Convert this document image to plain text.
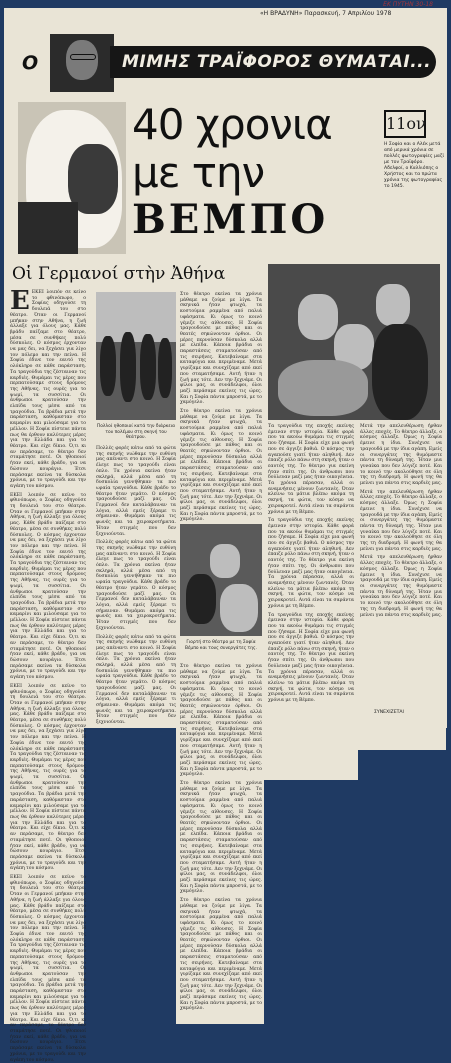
ΕΚ ΠΥΤΗΝ 30-18
«Η ΒΡΑΔΥΝΗ» Παρασκευή, 7 Απριλίου 1978
Ο	ΜΙΜΗΣ ΤΡΑΪΦΟΡΟΣ ΘΥΜΑΤΑΙ...
40 χρονια
με την
ΒΕΜΠΟ
11ον
Η Σοφία και ο Αλέκ μετά από μερικά χρόνια σε πολλές φωτογραφίες μαζί με τον Τραϊφόρο. Αδελφοί, ο Καλλιόπης ο Χρήστος και τα πρώτα χρόνια της φωτογραφίας το 1945.
Οἱ Γερμανοί στὴν Ἀθήνα

ΕΕΚΕΙ λοιπόν σε κείνο το φθινόπωρο, ο Σοφίας οδηγούσε τη δουλειά του στο θέατρο. Όταν οι Γερμανοί μπήκαν στην Αθήνα, η ζωή άλλαξε για όλους μας. Κάθε βράδυ παίζαμε στο θέατρο, μέσα σε συνθήκες πολύ δύσκολες. Ο κόσμος έρχονταν να μας δει, να ξεχάσει για λίγο τον πόλεμο και την πείνα. Η Σοφία έδινε τον εαυτό της ολόκληρο σε κάθε παράσταση. Τα τραγούδια της ζέσταιναν τις καρδιές. Θυμάμαι τις μέρες που περπατούσαμε στους δρόμους της Αθήνας, τις ουρές για το ψωμί, τα συσσίτια. Οι άνθρωποι κρατούσαν την ελπίδα τους μέσα από τα τραγούδια. Τα βράδια μετά την παράσταση, καθόμασταν στο καμαρίνι και μιλούσαμε για το μέλλον. Η Σοφία πίστευε πάντα πως θα έρθουν καλύτερες μέρες για την Ελλάδα και για το θέατρο. Και είχε δίκιο. Ό,τι κι αν περάσαμε, το θέατρο δεν σταμάτησε ποτέ. Οι ηθοποιοί ήταν εκεί, κάθε βράδυ, για να δώσουν κουράγιο. Έτσι περάσαμε εκείνα τα δύσκολα χρόνια, με το τραγούδι και την αγάπη του κόσμου.

ΕΚΕΙ λοιπόν σε κείνο το φθινόπωρο, ο Σοφίας οδηγούσε τη δουλειά του στο θέατρο. Όταν οι Γερμανοί μπήκαν στην Αθήνα, η ζωή άλλαξε για όλους μας. Κάθε βράδυ παίζαμε στο θέατρο, μέσα σε συνθήκες πολύ δύσκολες. Ο κόσμος έρχονταν να μας δει, να ξεχάσει για λίγο τον πόλεμο και την πείνα. Η Σοφία έδινε τον εαυτό της ολόκληρο σε κάθε παράσταση. Τα τραγούδια της ζέσταιναν τις καρδιές. Θυμάμαι τις μέρες που περπατούσαμε στους δρόμους της Αθήνας, τις ουρές για το ψωμί, τα συσσίτια. Οι άνθρωποι κρατούσαν την ελπίδα τους μέσα από τα τραγούδια. Τα βράδια μετά την παράσταση, καθόμασταν στο καμαρίνι και μιλούσαμε για το μέλλον. Η Σοφία πίστευε πάντα πως θα έρθουν καλύτερες μέρες για την Ελλάδα και για το θέατρο. Και είχε δίκιο. Ό,τι κι αν περάσαμε, το θέατρο δεν σταμάτησε ποτέ. Οι ηθοποιοί ήταν εκεί, κάθε βράδυ, για να δώσουν κουράγιο. Έτσι περάσαμε εκείνα τα δύσκολα χρόνια, με το τραγούδι και την αγάπη του κόσμου.

ΕΚΕΙ λοιπόν σε κείνο το φθινόπωρο, ο Σοφίας οδηγούσε τη δουλειά του στο θέατρο. Όταν οι Γερμανοί μπήκαν στην Αθήνα, η ζωή άλλαξε για όλους μας. Κάθε βράδυ παίζαμε στο θέατρο, μέσα σε συνθήκες πολύ δύσκολες. Ο κόσμος έρχονταν να μας δει, να ξεχάσει για λίγο τον πόλεμο και την πείνα. Η Σοφία έδινε τον εαυτό της ολόκληρο σε κάθε παράσταση. Τα τραγούδια της ζέσταιναν τις καρδιές. Θυμάμαι τις μέρες που περπατούσαμε στους δρόμους της Αθήνας, τις ουρές για το ψωμί, τα συσσίτια. Οι άνθρωποι κρατούσαν την ελπίδα τους μέσα από τα τραγούδια. Τα βράδια μετά την παράσταση, καθόμασταν στο καμαρίνι και μιλούσαμε για το μέλλον. Η Σοφία πίστευε πάντα πως θα έρθουν καλύτερες μέρες για την Ελλάδα και για το θέατρο. Και είχε δίκιο. Ό,τι κι αν περάσαμε, το θέατρο δεν σταμάτησε ποτέ. Οι ηθοποιοί ήταν εκεί, κάθε βράδυ, για να δώσουν κουράγιο. Έτσι περάσαμε εκείνα τα δύσκολα χρόνια, με το τραγούδι και την αγάπη του κόσμου.

ΕΚΕΙ λοιπόν σε κείνο το φθινόπωρο, ο Σοφίας οδηγούσε τη δουλειά του στο θέατρο. Όταν οι Γερμανοί μπήκαν στην Αθήνα, η ζωή άλλαξε για όλους μας. Κάθε βράδυ παίζαμε στο θέατρο, μέσα σε συνθήκες πολύ δύσκολες. Ο κόσμος έρχονταν να μας δει, να ξεχάσει για λίγο τον πόλεμο και την πείνα. Η Σοφία έδινε τον εαυτό της ολόκληρο σε κάθε παράσταση. Τα τραγούδια της ζέσταιναν τις καρδιές. Θυμάμαι τις μέρες που περπατούσαμε στους δρόμους της Αθήνας, τις ουρές για το ψωμί, τα συσσίτια. Οι άνθρωποι κρατούσαν την ελπίδα τους μέσα από τα τραγούδια. Τα βράδια μετά την παράσταση, καθόμασταν στο καμαρίνι και μιλούσαμε για το μέλλον. Η Σοφία πίστευε πάντα πως θα έρθουν καλύτερες μέρες για την Ελλάδα και για το θέατρο. Και είχε δίκιο. Ό,τι κι αν περάσαμε, το θέατρο δεν σταμάτησε ποτέ. Οι ηθοποιοί ήταν εκεί, κάθε βράδυ, για να δώσουν κουράγιο. Έτσι περάσαμε εκείνα τα δύσκολα χρόνια, με το τραγούδι και την αγάπη του κόσμου.

Πολλοί ηθοποιοί κατά την διάρκεια του πολέμου στη σκηνή του θεάτρου.

Πολλές φορές κάτω από τα φώτα της σκηνής νιώθαμε την ευθύνη μας απέναντι στο κοινό. Η Σοφία έλεγε πως το τραγούδι είναι όπλο. Τα χρόνια εκείνα ήταν σκληρά, αλλά μέσα από τη δυσκολία γεννήθηκαν τα πιο ωραία τραγούδια. Κάθε βράδυ το θέατρο ήταν γεμάτο. Ο κόσμος τραγουδούσε μαζί μας. Οι Γερμανοί δεν καταλάβαιναν τα λόγια, αλλά εμείς ξέραμε τι σήμαιναν. Θυμάμαι ακόμα τις φωνές και τα χειροκροτήματα. Ήταν στιγμές που δεν ξεχνιούνται.

Πολλές φορές κάτω από τα φώτα της σκηνής νιώθαμε την ευθύνη μας απέναντι στο κοινό. Η Σοφία έλεγε πως το τραγούδι είναι όπλο. Τα χρόνια εκείνα ήταν σκληρά, αλλά μέσα από τη δυσκολία γεννήθηκαν τα πιο ωραία τραγούδια. Κάθε βράδυ το θέατρο ήταν γεμάτο. Ο κόσμος τραγουδούσε μαζί μας. Οι Γερμανοί δεν καταλάβαιναν τα λόγια, αλλά εμείς ξέραμε τι σήμαιναν. Θυμάμαι ακόμα τις φωνές και τα χειροκροτήματα. Ήταν στιγμές που δεν ξεχνιούνται.

Πολλές φορές κάτω από τα φώτα της σκηνής νιώθαμε την ευθύνη μας απέναντι στο κοινό. Η Σοφία έλεγε πως το τραγούδι είναι όπλο. Τα χρόνια εκείνα ήταν σκληρά, αλλά μέσα από τη δυσκολία γεννήθηκαν τα πιο ωραία τραγούδια. Κάθε βράδυ το θέατρο ήταν γεμάτο. Ο κόσμος τραγουδούσε μαζί μας. Οι Γερμανοί δεν καταλάβαιναν τα λόγια, αλλά εμείς ξέραμε τι σήμαιναν. Θυμάμαι ακόμα τις φωνές και τα χειροκροτήματα. Ήταν στιγμές που δεν ξεχνιούνται.

Στο θέατρο εκείνα τα χρόνια μάθαμε να ζούμε με λίγα. Τα σκηνικά ήταν φτωχά, τα κοστούμια ραμμένα από παλιά υφάσματα. Κι όμως το κοινό γέμιζε τις αίθουσες. Η Σοφία τραγουδούσε με πάθος και οι θεατές σηκώνονταν όρθιοι. Οι μέρες περνούσαν δύσκολα αλλά με ελπίδα. Κάποια βράδια οι παραστάσεις σταματούσαν από τις σειρήνες. Κατεβαίναμε στα καταφύγια και περιμέναμε. Μετά γυρίζαμε και συνεχίζαμε από εκεί που σταματήσαμε. Αυτή ήταν η ζωή μας τότε. Δεν την ξεχνάμε. Οι φίλοι μας, οι συνάδελφοι, όλοι μαζί περάσαμε εκείνες τις ώρες. Και η Σοφία πάντα μπροστά, με το χαμόγελο.

Στο θέατρο εκείνα τα χρόνια μάθαμε να ζούμε με λίγα. Τα σκηνικά ήταν φτωχά, τα κοστούμια ραμμένα από παλιά υφάσματα. Κι όμως το κοινό γέμιζε τις αίθουσες. Η Σοφία τραγουδούσε με πάθος και οι θεατές σηκώνονταν όρθιοι. Οι μέρες περνούσαν δύσκολα αλλά με ελπίδα. Κάποια βράδια οι παραστάσεις σταματούσαν από τις σειρήνες. Κατεβαίναμε στα καταφύγια και περιμέναμε. Μετά γυρίζαμε και συνεχίζαμε από εκεί που σταματήσαμε. Αυτή ήταν η ζωή μας τότε. Δεν την ξεχνάμε. Οι φίλοι μας, οι συνάδελφοι, όλοι μαζί περάσαμε εκείνες τις ώρες. Και η Σοφία πάντα μπροστά, με το χαμόγελο.

Γιορτή στο θέατρο με τη Σοφία Βέμπο και τους συνεργάτες της.

Στο θέατρο εκείνα τα χρόνια μάθαμε να ζούμε με λίγα. Τα σκηνικά ήταν φτωχά, τα κοστούμια ραμμένα από παλιά υφάσματα. Κι όμως το κοινό γέμιζε τις αίθουσες. Η Σοφία τραγουδούσε με πάθος και οι θεατές σηκώνονταν όρθιοι. Οι μέρες περνούσαν δύσκολα αλλά με ελπίδα. Κάποια βράδια οι παραστάσεις σταματούσαν από τις σειρήνες. Κατεβαίναμε στα καταφύγια και περιμέναμε. Μετά γυρίζαμε και συνεχίζαμε από εκεί που σταματήσαμε. Αυτή ήταν η ζωή μας τότε. Δεν την ξεχνάμε. Οι φίλοι μας, οι συνάδελφοι, όλοι μαζί περάσαμε εκείνες τις ώρες. Και η Σοφία πάντα μπροστά, με το χαμόγελο.

Στο θέατρο εκείνα τα χρόνια μάθαμε να ζούμε με λίγα. Τα σκηνικά ήταν φτωχά, τα κοστούμια ραμμένα από παλιά υφάσματα. Κι όμως το κοινό γέμιζε τις αίθουσες. Η Σοφία τραγουδούσε με πάθος και οι θεατές σηκώνονταν όρθιοι. Οι μέρες περνούσαν δύσκολα αλλά με ελπίδα. Κάποια βράδια οι παραστάσεις σταματούσαν από τις σειρήνες. Κατεβαίναμε στα καταφύγια και περιμέναμε. Μετά γυρίζαμε και συνεχίζαμε από εκεί που σταματήσαμε. Αυτή ήταν η ζωή μας τότε. Δεν την ξεχνάμε. Οι φίλοι μας, οι συνάδελφοι, όλοι μαζί περάσαμε εκείνες τις ώρες. Και η Σοφία πάντα μπροστά, με το χαμόγελο.

Στο θέατρο εκείνα τα χρόνια μάθαμε να ζούμε με λίγα. Τα σκηνικά ήταν φτωχά, τα κοστούμια ραμμένα από παλιά υφάσματα. Κι όμως το κοινό γέμιζε τις αίθουσες. Η Σοφία τραγουδούσε με πάθος και οι θεατές σηκώνονταν όρθιοι. Οι μέρες περνούσαν δύσκολα αλλά με ελπίδα. Κάποια βράδια οι παραστάσεις σταματούσαν από τις σειρήνες. Κατεβαίναμε στα καταφύγια και περιμέναμε. Μετά γυρίζαμε και συνεχίζαμε από εκεί που σταματήσαμε. Αυτή ήταν η ζωή μας τότε. Δεν την ξεχνάμε. Οι φίλοι μας, οι συνάδελφοι, όλοι μαζί περάσαμε εκείνες τις ώρες. Και η Σοφία πάντα μπροστά, με το χαμόγελο.

Τα τραγούδια της εποχής εκείνης έμειναν στην ιστορία. Κάθε φορά που τα ακούω θυμάμαι τις στιγμές που ζήσαμε. Η Σοφία είχε μια φωνή που σε άγγιζε βαθιά. Ο κόσμος την αγαπούσε γιατί ήταν αληθινή. Δεν έπαιζε ρόλο πάνω στη σκηνή, ήταν ο εαυτός της. Το θέατρο για εκείνη ήταν σπίτι της. Οι άνθρωποι που δούλευαν μαζί μας ήταν οικογένεια. Τα χρόνια πέρασαν, αλλά οι αναμνήσεις μένουν ζωντανές. Όταν κλείνω τα μάτια βλέπω ακόμα τη σκηνή, τα φώτα, τον κόσμο να χειροκροτεί. Αυτά είναι τα σαράντα χρόνια με τη Βέμπο.

Τα τραγούδια της εποχής εκείνης έμειναν στην ιστορία. Κάθε φορά που τα ακούω θυμάμαι τις στιγμές που ζήσαμε. Η Σοφία είχε μια φωνή που σε άγγιζε βαθιά. Ο κόσμος την αγαπούσε γιατί ήταν αληθινή. Δεν έπαιζε ρόλο πάνω στη σκηνή, ήταν ο εαυτός της. Το θέατρο για εκείνη ήταν σπίτι της. Οι άνθρωποι που δούλευαν μαζί μας ήταν οικογένεια. Τα χρόνια πέρασαν, αλλά οι αναμνήσεις μένουν ζωντανές. Όταν κλείνω τα μάτια βλέπω ακόμα τη σκηνή, τα φώτα, τον κόσμο να χειροκροτεί. Αυτά είναι τα σαράντα χρόνια με τη Βέμπο.

Τα τραγούδια της εποχής εκείνης έμειναν στην ιστορία. Κάθε φορά που τα ακούω θυμάμαι τις στιγμές που ζήσαμε. Η Σοφία είχε μια φωνή που σε άγγιζε βαθιά. Ο κόσμος την αγαπούσε γιατί ήταν αληθινή. Δεν έπαιζε ρόλο πάνω στη σκηνή, ήταν ο εαυτός της. Το θέατρο για εκείνη ήταν σπίτι της. Οι άνθρωποι που δούλευαν μαζί μας ήταν οικογένεια. Τα χρόνια πέρασαν, αλλά οι αναμνήσεις μένουν ζωντανές. Όταν κλείνω τα μάτια βλέπω ακόμα τη σκηνή, τα φώτα, τον κόσμο να χειροκροτεί. Αυτά είναι τα σαράντα χρόνια με τη Βέμπο.

Μετά την απελευθέρωση ήρθαν άλλες εποχές. Το θέατρο άλλαξε, ο κόσμος άλλαξε. Όμως η Σοφία έμεινε η ίδια. Συνέχισε να τραγουδά με την ίδια αγάπη. Εμείς οι συνεργάτες της θυμόμαστε πάντα τη δύναμή της. Ήταν μια γυναίκα που δεν λύγιζε ποτέ. Και το κοινό την ακολούθησε σε όλη της τη διαδρομή. Η φωνή της θα μείνει για πάντα στις καρδιές μας.

Μετά την απελευθέρωση ήρθαν άλλες εποχές. Το θέατρο άλλαξε, ο κόσμος άλλαξε. Όμως η Σοφία έμεινε η ίδια. Συνέχισε να τραγουδά με την ίδια αγάπη. Εμείς οι συνεργάτες της θυμόμαστε πάντα τη δύναμή της. Ήταν μια γυναίκα που δεν λύγιζε ποτέ. Και το κοινό την ακολούθησε σε όλη της τη διαδρομή. Η φωνή της θα μείνει για πάντα στις καρδιές μας.

Μετά την απελευθέρωση ήρθαν άλλες εποχές. Το θέατρο άλλαξε, ο κόσμος άλλαξε. Όμως η Σοφία έμεινε η ίδια. Συνέχισε να τραγουδά με την ίδια αγάπη. Εμείς οι συνεργάτες της θυμόμαστε πάντα τη δύναμή της. Ήταν μια γυναίκα που δεν λύγιζε ποτέ. Και το κοινό την ακολούθησε σε όλη της τη διαδρομή. Η φωνή της θα μείνει για πάντα στις καρδιές μας.

ΣΥΝΕΧΙΖΕΤΑΙ
